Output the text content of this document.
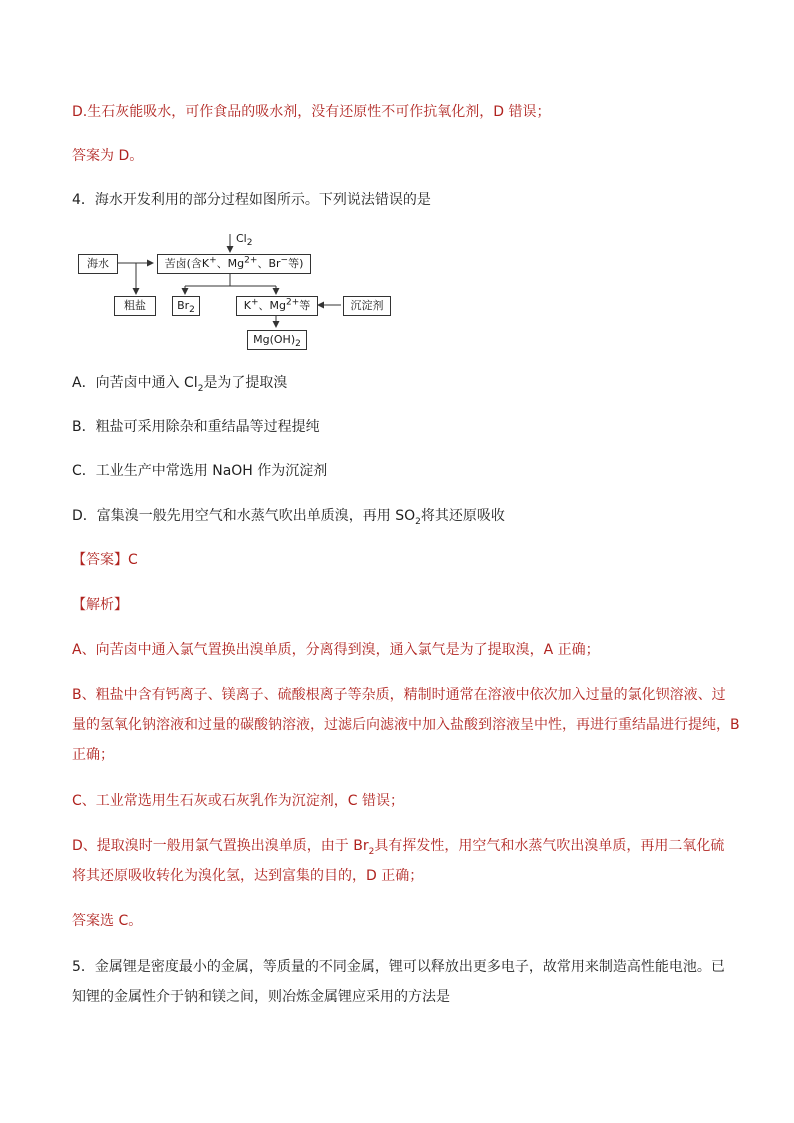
D.生石灰能吸水，可作食品的吸水剂，没有还原性不可作抗氧化剂，D 错误；
答案为 D。
4．海水开发利用的部分过程如图所示。下列说法错误的是
$Cl_2$
海水	苦卤(含K+、$Mg^{2+}$、Br−等)
粗盐	$Br_2$	K+、$Mg^{2+}$等	沉淀剂
$Mg(OH)_2$
A．向苦卤中通入 $Cl_2$是为了提取溴
B．粗盐可采用除杂和重结晶等过程提纯
C．工业生产中常选用 NaOH 作为沉淀剂
D．富集溴一般先用空气和水蒸气吹出单质溴，再用 $SO_2$将其还原吸收
【答案】C
【解析】
A、向苦卤中通入氯气置换出溴单质，分离得到溴，通入氯气是为了提取溴，A 正确；
B、粗盐中含有钙离子、镁离子、硫酸根离子等杂质，精制时通常在溶液中依次加入过量的氯化钡溶液、过
量的氢氧化钠溶液和过量的碳酸钠溶液，过滤后向滤液中加入盐酸到溶液呈中性，再进行重结晶进行提纯，B
正确；
C、工业常选用生石灰或石灰乳作为沉淀剂，C 错误；
D、提取溴时一般用氯气置换出溴单质，由于 $Br_2$具有挥发性，用空气和水蒸气吹出溴单质，再用二氧化硫
将其还原吸收转化为溴化氢，达到富集的目的，D 正确；
答案选 C。
5．金属锂是密度最小的金属，等质量的不同金属，锂可以释放出更多电子，故常用来制造高性能电池。已
知锂的金属性介于钠和镁之间，则冶炼金属锂应采用的方法是
